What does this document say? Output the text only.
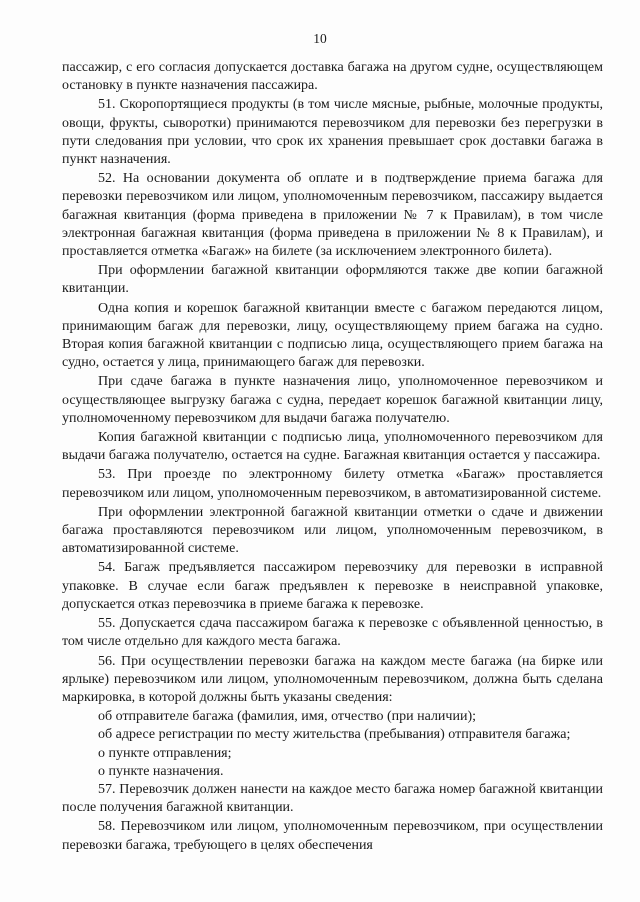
10

пассажир, с его согласия допускается доставка багажа на другом судне, осуществляющем остановку в пункте назначения пассажира.

51. Скоропортящиеся продукты (в том числе мясные, рыбные, молочные продукты, овощи, фрукты, сыворотки) принимаются перевозчиком для перевозки без перегрузки в пути следования при условии, что срок их хранения превышает срок доставки багажа в пункт назначения.

52. На основании документа об оплате и в подтверждение приема багажа для перевозки перевозчиком или лицом, уполномоченным перевозчиком, пассажиру выдается багажная квитанция (форма приведена в приложении № 7 к Правилам), в том числе электронная багажная квитанция (форма приведена в приложении № 8 к Правилам), и проставляется отметка «Багаж» на билете (за исключением электронного билета).

При оформлении багажной квитанции оформляются также две копии багажной квитанции.

Одна копия и корешок багажной квитанции вместе с багажом передаются лицом, принимающим багаж для перевозки, лицу, осуществляющему прием багажа на судно. Вторая копия багажной квитанции с подписью лица, осуществляющего прием багажа на судно, остается у лица, принимающего багаж для перевозки.

При сдаче багажа в пункте назначения лицо, уполномоченное перевозчиком и осуществляющее выгрузку багажа с судна, передает корешок багажной квитанции лицу, уполномоченному перевозчиком для выдачи багажа получателю.

Копия багажной квитанции с подписью лица, уполномоченного перевозчиком для выдачи багажа получателю, остается на судне. Багажная квитанция остается у пассажира.

53. При проезде по электронному билету отметка «Багаж» проставляется перевозчиком или лицом, уполномоченным перевозчиком, в автоматизированной системе.

При оформлении электронной багажной квитанции отметки о сдаче и движении багажа проставляются перевозчиком или лицом, уполномоченным перевозчиком, в автоматизированной системе.

54. Багаж предъявляется пассажиром перевозчику для перевозки в исправной упаковке. В случае если багаж предъявлен к перевозке в неисправной упаковке, допускается отказ перевозчика в приеме багажа к перевозке.

55. Допускается сдача пассажиром багажа к перевозке с объявленной ценностью, в том числе отдельно для каждого места багажа.

56. При осуществлении перевозки багажа на каждом месте багажа (на бирке или ярлыке) перевозчиком или лицом, уполномоченным перевозчиком, должна быть сделана маркировка, в которой должны быть указаны сведения:

об отправителе багажа (фамилия, имя, отчество (при наличии);

об адресе регистрации по месту жительства (пребывания) отправителя багажа;

о пункте отправления;

о пункте назначения.

57. Перевозчик должен нанести на каждое место багажа номер багажной квитанции после получения багажной квитанции.

58. Перевозчиком или лицом, уполномоченным перевозчиком, при осуществлении перевозки багажа, требующего в целях обеспечения
